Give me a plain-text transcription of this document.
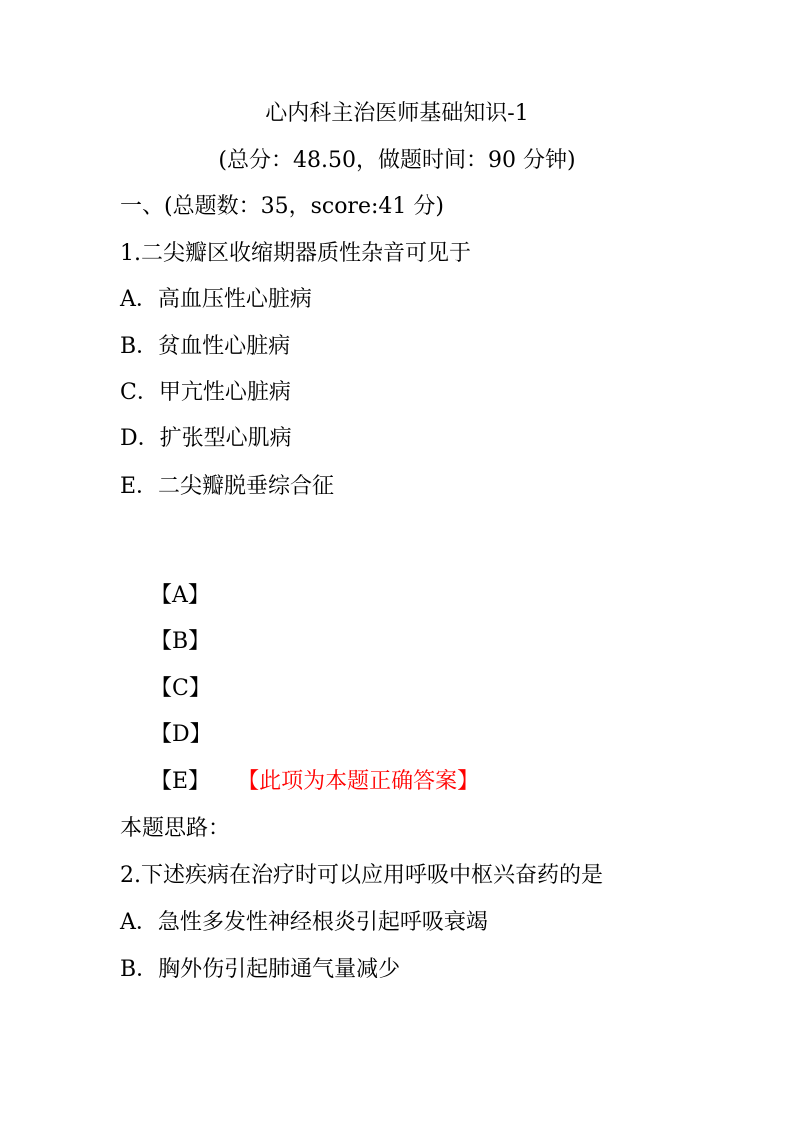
心内科主治医师基础知识-1
(总分：48.50，做题时间：90 分钟)
一、(总题数：35，score:41 分)
1.二尖瓣区收缩期器质性杂音可见于
A．高血压性心脏病
B．贫血性心脏病
C．甲亢性心脏病
D．扩张型心肌病
E．二尖瓣脱垂综合征
【A】
【B】
【C】
【D】
【E】 【此项为本题正确答案】
本题思路：
2.下述疾病在治疗时可以应用呼吸中枢兴奋药的是
A．急性多发性神经根炎引起呼吸衰竭
B．胸外伤引起肺通气量减少
